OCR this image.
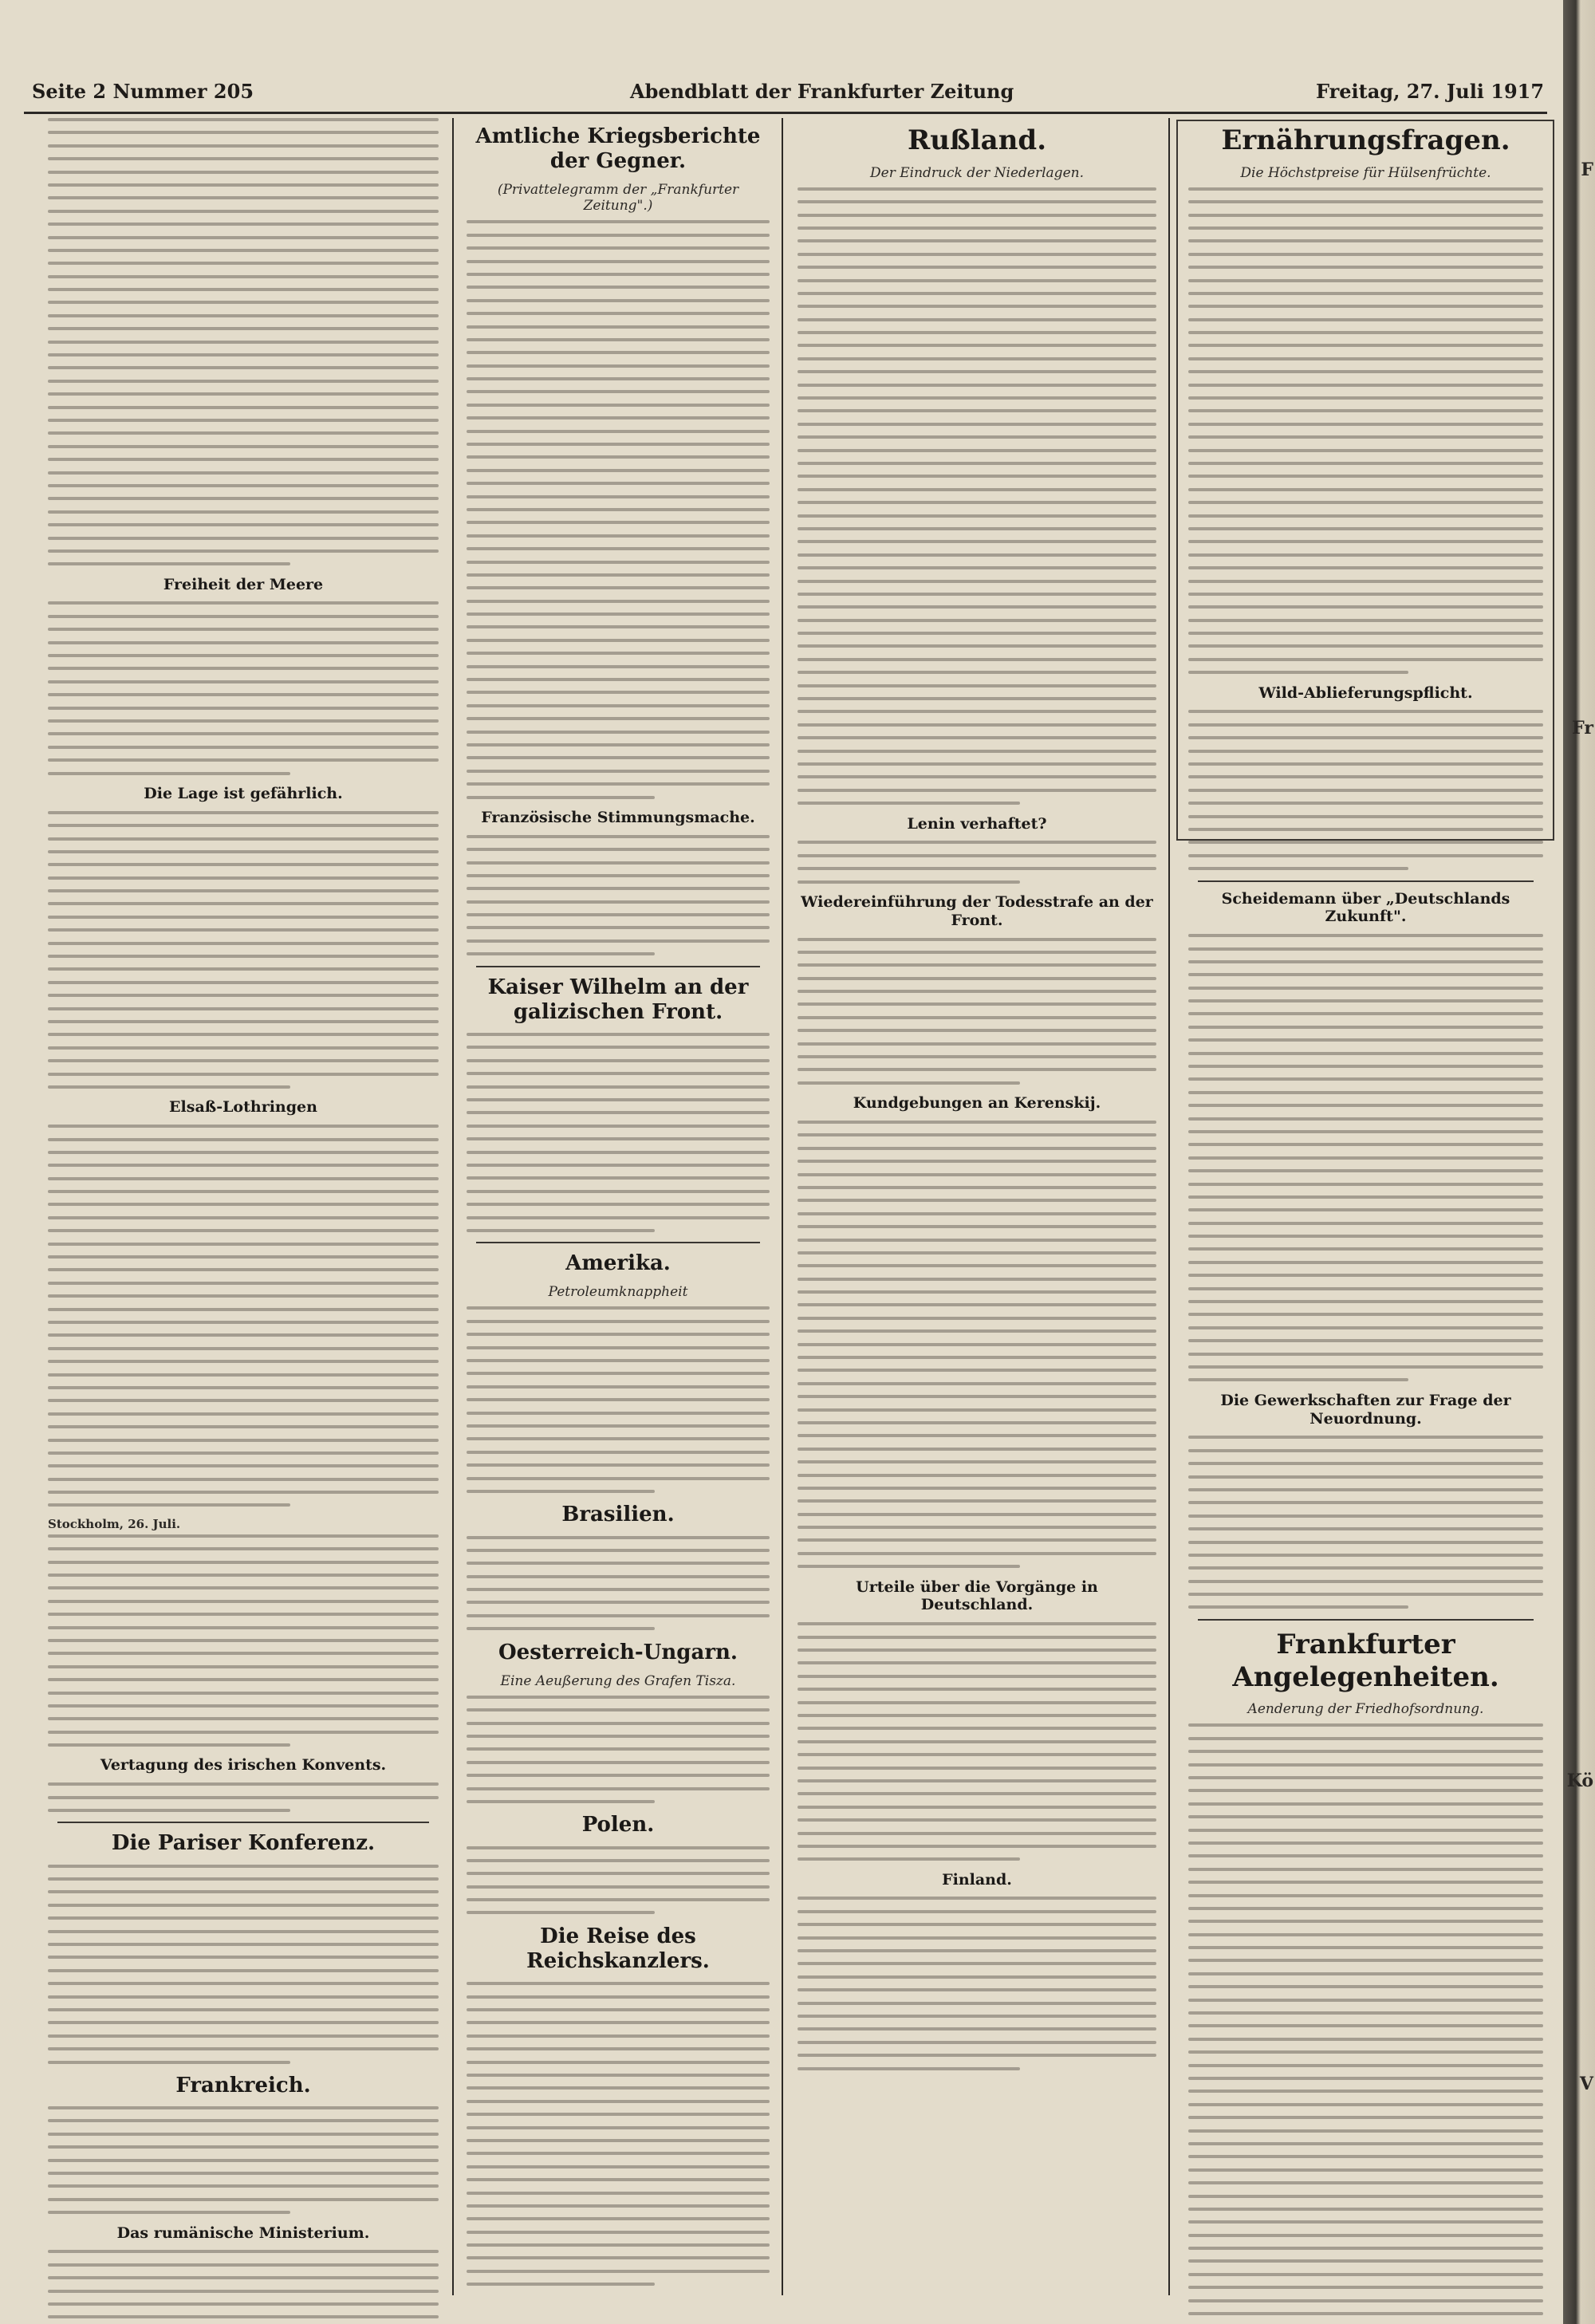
Seite 2 Nummer 205	Abendblatt der Frankfurter Zeitung	Freitag, 27. Juli 1917
Freiheit der Meere
Die Lage ist gefährlich.
Elsaß-Lothringen
Stockholm, 26. Juli.
Vertagung des irischen Konvents.
Die Pariser Konferenz.
Frankreich.
Das rumänische Ministerium.
Amtliche Kriegsberichte der Gegner.
(Privattelegramm der „Frankfurter Zeitung".)
Französische Stimmungsmache.
Kaiser Wilhelm an der galizischen Front.
Amerika.
Petroleumknappheit
Brasilien.
Oesterreich-Ungarn.
Eine Aeußerung des Grafen Tisza.
Polen.
Die Reise des Reichskanzlers.
Rußland.
Der Eindruck der Niederlagen.
Lenin verhaftet?
Wiedereinführung der Todesstrafe an der Front.
Kundgebungen an Kerenskij.
Urteile über die Vorgänge in Deutschland.
Finland.
Ernährungsfragen.
Die Höchstpreise für Hülsenfrüchte.
Wild-Ablieferungspflicht.
Scheidemann über „Deutschlands Zukunft".
Die Gewerkschaften zur Frage der Neuordnung.
Frankfurter Angelegenheiten.
Aenderung der Friedhofsordnung.
F
Fr
Kö
V
